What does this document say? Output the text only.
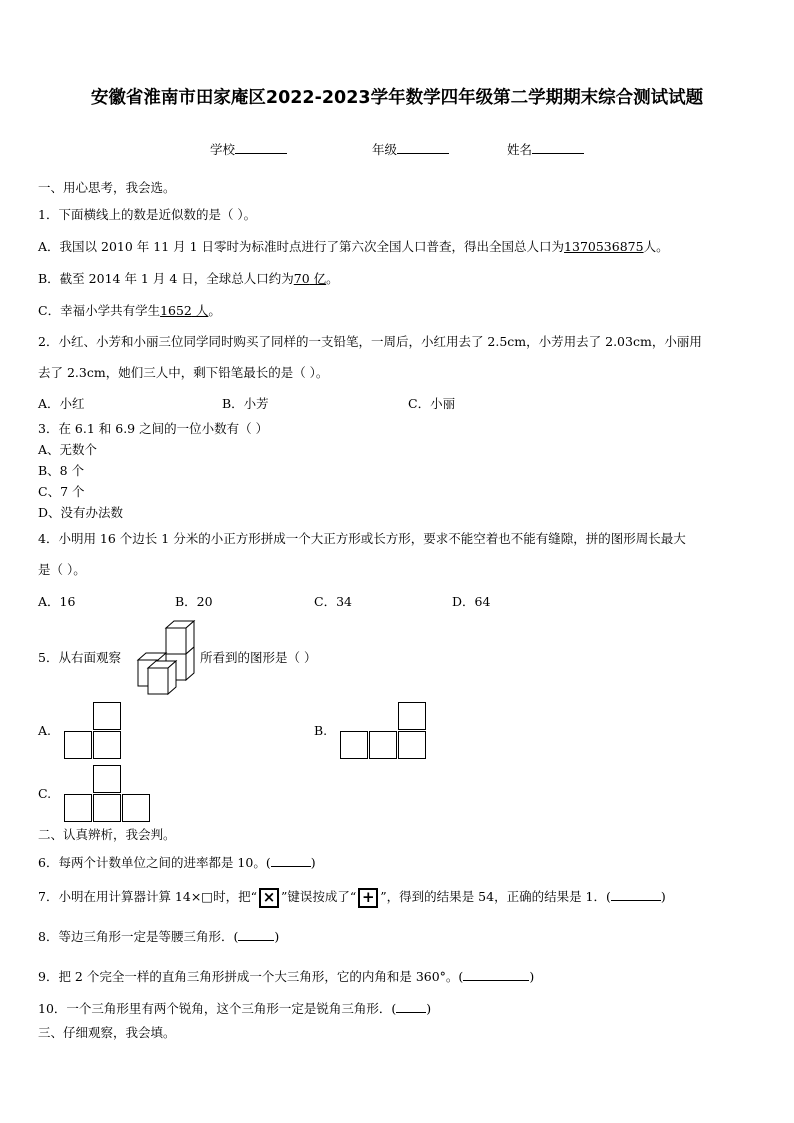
安徽省淮南市田家庵区2022-2023学年数学四年级第二学期期末综合测试试题
学校	年级	姓名
一、用心思考，我会选。
1．下面横线上的数是近似数的是（ ）。
A．我国以 2010 年 11 月 1 日零时为标准时点进行了第六次全国人口普查，得出全国总人口为1370536875人。
B．截至 2014 年 1 月 4 日，全球总人口约为70 亿。
C．幸福小学共有学生1652 人。
2．小红、小芳和小丽三位同学同时购买了同样的一支铅笔，一周后，小红用去了 2.5cm，小芳用去了 2.03cm，小丽用
去了 2.3cm，她们三人中，剩下铅笔最长的是（ ）。
A．小红	B．小芳	C．小丽
3．在 6.1 和 6.9 之间的一位小数有（ ）
A、无数个
B、8 个
C、7 个
D、没有办法数
4．小明用 16 个边长 1 分米的小正方形拼成一个大正方形或长方形，要求不能空着也不能有缝隙，拼的图形周长最大
是（ ）。
A．16	B．20	C．34	D．64
5．从右面观察	所看到的图形是（ ）
A.	B.
C.
二、认真辨析，我会判。
6．每两个计数单位之间的进率都是 10。(	)
7．小明在用计算器计算 14×□时，把“ × ”键误按成了“ + ”，得到的结果是 54，正确的结果是 1．(	)
8．等边三角形一定是等腰三角形．(	)
9．把 2 个完全一样的直角三角形拼成一个大三角形，它的内角和是 360°。(	)
10．一个三角形里有两个锐角，这个三角形一定是锐角三角形．( )
三、仔细观察，我会填。
